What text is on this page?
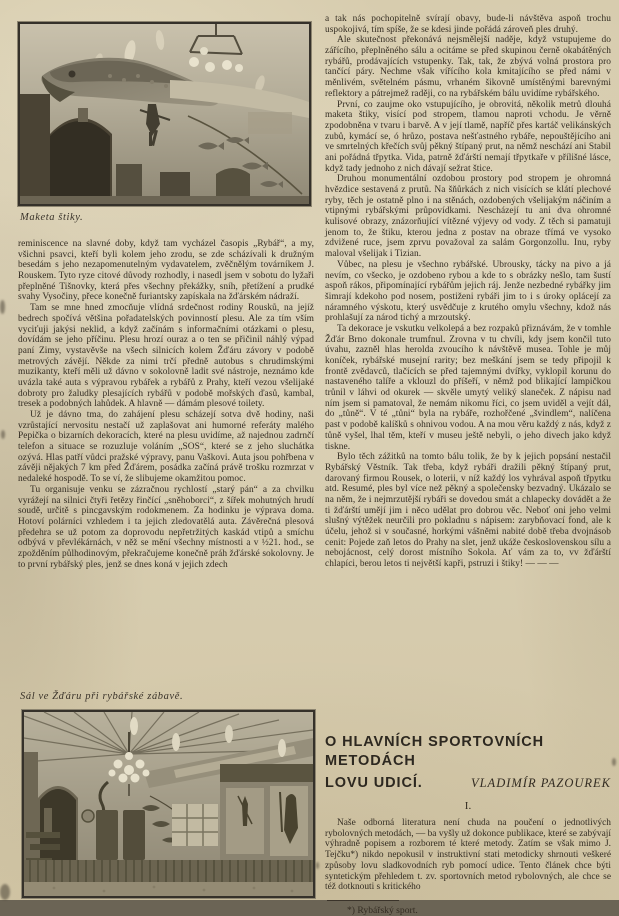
Maketa štiky.

reminiscence na slavné doby, když tam vycházel časopis „Rybář“, a my, všichni psavci, kteří byli kolem jeho zrodu, se zde scházívali k družným besedám s jeho nezapomenutelným vydavatelem, zvěčnělým továrníkem J. Rouskem. Tyto ryze citové důvody rozhodly, i nasedl jsem v sobotu do lyžaři přeplněné Tišnovky, která přes všechny překážky, sníh, přetížení a prudké svahy Vysočiny, přece konečně furiantsky zapískala na žďárském nádraží.

Tam se mne hned zmocňuje vlídná srdečnost rodiny Rousků, na jejíž bedrech spočívá většina pořadatelských povinností plesu. Ale za tím vším vyciťuji jakýsi neklid, a když začínám s informačními otázkami o plesu, dovídám se jeho příčinu. Plesu hrozí ouraz a o ten se přičinil náhlý výpad paní Zimy, vystavěvše na všech silnicích kolem Žďáru závory v podobě metrových závějí. Někde za nimi trčí předně autobus s chrudimskými muzikanty, kteří měli už dávno v sokolovně ladit své nástroje, neznámo kde uvázla také auta s výpravou rybářek a rybářů z Prahy, kteří vezou všelijaké dobroty pro žaludky plesajících rybářů v podobě mořských ďasů, kambal, tresek a podobných lahůdek. A hlavně — dámám plesové toilety.

Už je dávno tma, do zahájení plesu scházejí sotva dvě hodiny, naši vzrůstající nervositu nestačí už zaplašovat ani humorné referáty malého Pepička o bizarních dekoracích, které na plesu uvidíme, až najednou zadrnčí telefon a situace se rozuzluje voláním „SOS“, které se z jeho sluchátka ozývá. Hlas patří vůdci pražské výpravy, panu Vaškovi. Auta jsou pohřbena v závěji nějakých 7 km před Žďárem, posádka začíná právě trošku rozmrzat v nedaleké hospodě. To se ví, že slibujeme okamžitou pomoc.

Tu organisuje venku se zázračnou rychlostí „starý pán“ a za chvilku vyrážejí na silnici čtyři řetězy řinčící „sněhoborci“, z šířek mohutných hrudí soudě, určitě s pincgavským rodokmenem. Za hodinku je výprava doma. Hotoví polárníci vzhledem i ta jejich zledovatělá auta. Závěrečná plesová předehra se už potom za doprovodu nepřetržitých kaskád vtipů a smíchu odbývá v převlékárnách, v něž se mění všechny místnosti a v ½21. hod., se zpožděním půlhodinovým, překračujeme konečně práh žďárské sokolovny. Je to první rybářský ples, jenž se dnes koná v jejich zdech

Sál ve Žďáru při rybářské zábavě.

a tak nás pochopitelně svírají obavy, bude-li návštěva aspoň trochu uspokojivá, tím spíše, že se kdesi jinde pořádá zároveň ples druhý.

Ale skutečnost překonává nejsmělejší naděje, když vstupujeme do zářícího, přeplněného sálu a ocitáme se před skupinou černě okabátěných rybářů, prodávajících vstupenky. Tak, tak, že zbývá volná prostora pro tančící páry. Nechme však vířícího kola kmitajícího se před námi v měnlivém, světelném pásmu, vrhaném šikovně umístěnými barevnými reflektory a pátrejmež raději, co na rybářském bálu uvidíme rybářského.

První, co zaujme oko vstupujícího, je obrovitá, několik metrů dlouhá maketa štiky, visící pod stropem, tlamou naproti vchodu. Je věrně zpodobněna v tvaru i barvě. A v její tlamě, napříč přes kartáč velikánských zubů, kymácí se, ó hrůzo, postava nešťastného rybáře, nepouštějícího ani ve smrtelných křečích svůj pěkný štípaný prut, na němž neschází ani Stabil ani pořádná třpytka. Vida, patrně žďárští nemají třpytkaře v přílišné lásce, když tady jednoho z nich dávají sežrat štice.

Druhou monumentální ozdobou prostory pod stropem je ohromná hvězdice sestavená z prutů. Na šňůrkách z nich visících se klátí plechové ryby, těch je ostatně plno i na stěnách, ozdobených všelijakým náčiním a vtipnými rybářskými průpovídkami. Nescházejí tu ani dva ohromné kulisové obrazy, znázorňující vítězné výjevy od vody. Z těch si pamatuji jenom to, že štiku, kterou jedna z postav na obraze třímá ve vysoko zdvižené ruce, jsem zprvu považoval za salám Gorgonzollu. Inu, ryby maloval všelijak i Tizian.

Vůbec, na plesu je všechno rybářské. Ubrousky, tácky na pivo a já nevím, co všecko, je ozdobeno rybou a kde to s obrázky nešlo, tam šustí aspoň rákos, připomínající rybářům jejich ráj. Jenže nezbedné rybářky jim šimrají kdekoho pod nosem, postiženi rybáři jim to i s úroky oplácejí za náramného výskotu, který usvědčuje z krutého omylu všechny, kdož nás prohlašují za národ tichý a mrzoutský.

Ta dekorace je vskutku velkolepá a bez rozpaků přiznávám, že v tomhle Žďár Brno dokonale trumfnul. Zrovna v tu chvíli, kdy jsem končil tuto úvahu, zazněl hlas herolda zvoucího k návštěvě musea. Tohle je můj koníček, rybářské musejní rarity; bez meškání jsem se tedy připojil k frontě zvědavců, tlačících se před tajemnými dvířky, vyklopil korunu do nastaveného talíře a vklouzl do příšeří, v němž pod blikající lampičkou trůnil v láhvi od okurek — skvěle umytý veliký slaneček. Z nápisu nad ním jsem si pamatoval, že nemám nikomu říci, co jsem uviděl a vejít dál, do „tůně“. V té „tůni“ byla na rybáře, rozhořčené „švindlem“, nalíčena past v podobě kalíšků s ohnivou vodou. A na mou věru každý z nás, když z tůně vyšel, lhal těm, kteří v museu ještě nebyli, o jeho divech jako když tiskne.

Bylo těch zážitků na tomto bálu tolik, že by k jejich popsání nestačil Rybářský Věstník. Tak třeba, když rybáři dražili pěkný štípaný prut, darovaný firmou Rousek, o loterii, v níž každý los vyhrával aspoň třpytku atd. Resumé, ples byl více než pěkný a společensky bezvadný. Ukázalo se na něm, že i nejmrzutější rybáři se dovedou smát a chlapecky dovádět a že ti žďárští umějí jim i něco udělat pro dobrou věc. Neboť oni jeho velmi slušný výtěžek neurčili pro pokladnu s nápisem: zarybňovací fond, ale k účelu, jehož si v současné, horkými vášněmi nabité době třeba dvojnásob cenit: Pojede zaň letos do Prahy na slet, jenž ukáže československou sílu a nebojácnost, celý dorost místního Sokola. Ať vám za to, vv žďárští chlapíci, berou letos ti největší kapři, pstruzi i štiky! — — —

O HLAVNÍCH SPORTOVNÍCH METODÁCH
LOVU UDICÍ.	VLADIMÍR PAZOUREK
I.

Naše odborná literatura není chuda na poučení o jednotlivých rybolovných metodách, — ba vyšly už dokonce publikace, které se zabývají výhradně popisem a rozborem té které metody. Zatím se však mimo J. Tejčku*) nikdo nepokusil v instruktivní stati metodicky shrnouti veškeré způsoby lovu sladkovodních ryb pomocí udice. Tento článek chce býti syntetickým přehledem t. zv. sportovních metod rybolovných, ale chce se též dotknouti s kritického

*) Rybářský sport.
